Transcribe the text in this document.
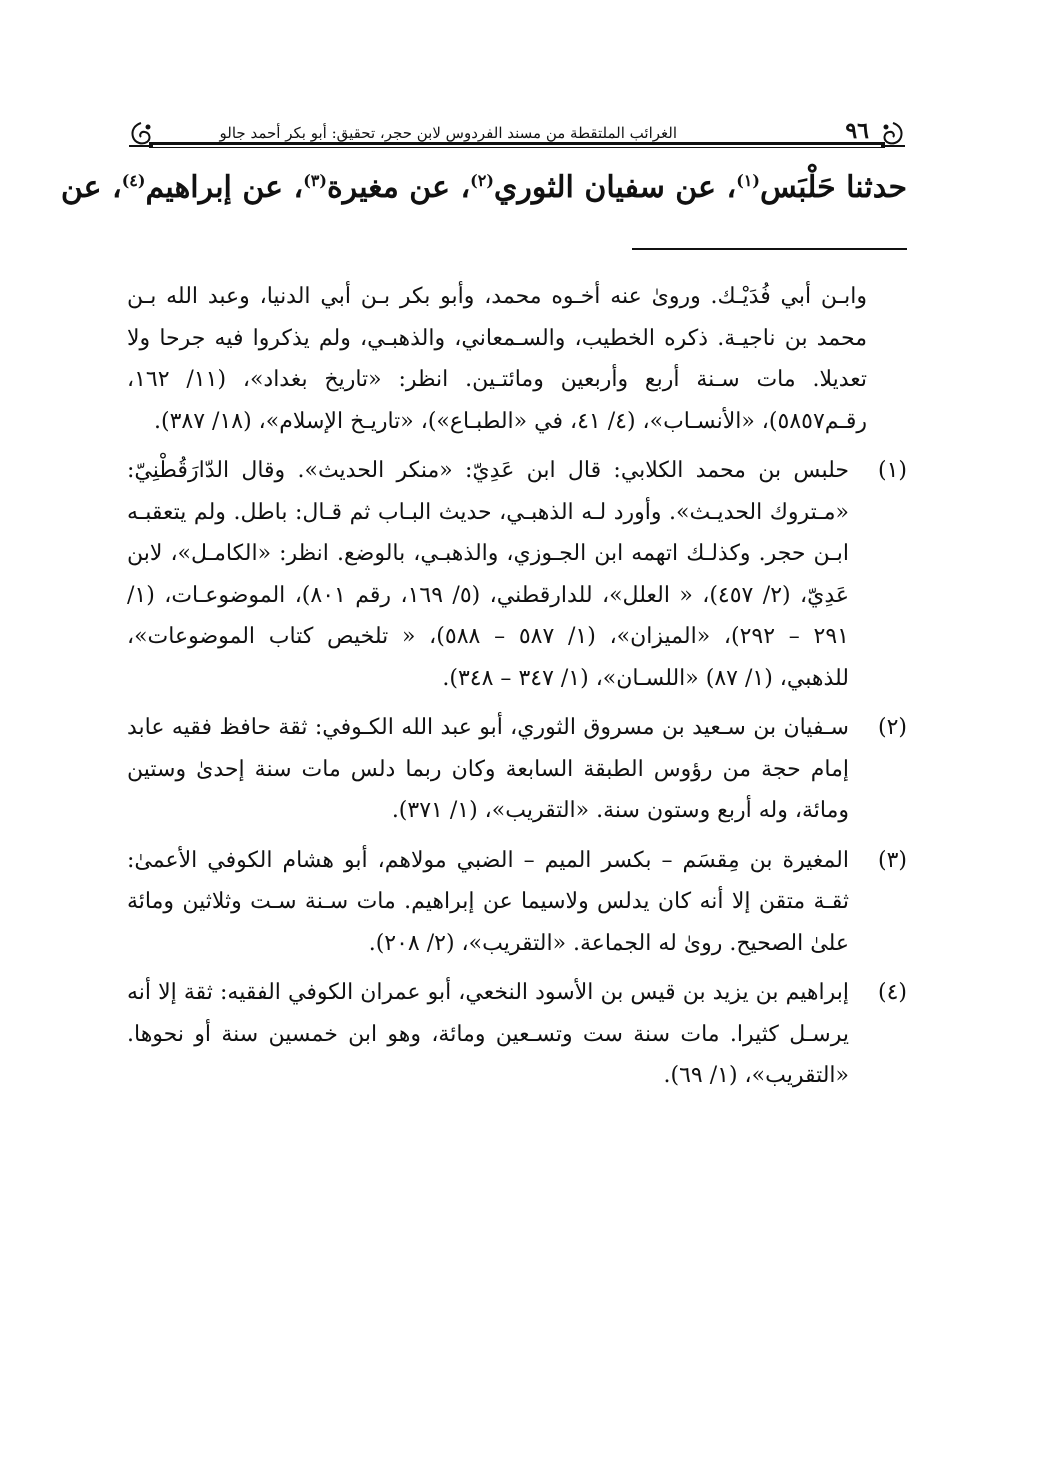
٩٦
الغرائب الملتقطة من مسند الفردوس لابن حجر، تحقيق: أبو بكر أحمد جالو
حدثنا حَلْبَس$^{(١)}$، عن سفيان الثوري$^{(٢)}$، عن مغيرة$^{(٣)}$، عن إبراهيم$^{(٤)}$، عن

وابـن أبي فُدَيْـك. وروىٰ عنه أخـوه محمد، وأبو بكر بـن أبي الدنيا، وعبد الله بـن محمد بن ناجيـة. ذكره الخطيب، والسـمعاني، والذهبـي، ولم يذكروا فيه جرحا ولا تعديلا. مات سـنة أربع وأربعين ومائتـين. انظر: «تاريخ بغداد»، (١١/ ١٦٢، رقـم٥٨٥٧)، «الأنسـاب»، (٤/ ٤١، في «الطبـاع»)، «تاريـخ الإسلام»، (١٨/ ٣٨٧).

(١)
حلبس بن محمد الكلابي: قال ابن عَدِيّ: «منكر الحديث». وقال الدّارَقُطْنِيّ: «مـتروك الحديـث». وأورد لـه الذهبـي، حديث البـاب ثم قـال: باطل. ولم يتعقبـه ابـن حجر. وكذلـك اتهمه ابن الجـوزي، والذهبـي، بالوضع. انظر: «الكامـل»، لابن عَدِيّ، (٢/ ٤٥٧)، « العلل»، للدارقطني، (٥/ ١٦٩، رقم ٨٠١)، الموضوعـات، (١/ ٢٩١ – ٢٩٢)، «الميزان»، (١/ ٥٨٧ – ٥٨٨)، « تلخيص كتاب الموضوعات»، للذهبي، (١/ ٨٧) «اللسـان»، (١/ ٣٤٧ – ٣٤٨).
(٢)
سـفيان بن سـعيد بن مسروق الثوري، أبو عبد الله الكـوفي: ثقة حافظ فقيه عابد إمام حجة من رؤوس الطبقة السابعة وكان ربما دلس مات سنة إحدىٰ وستين ومائة، وله أربع وستون سنة. «التقريب»، (١/ ٣٧١).
(٣)
المغيرة بن مِقسَم – بكسر الميم – الضبي مولاهم، أبو هشام الكوفي الأعمىٰ: ثقـة متقن إلا أنه كان يدلس ولاسيما عن إبراهيم. مات سـنة سـت وثلاثين ومائة علىٰ الصحيح. روىٰ له الجماعة. «التقريب»، (٢/ ٢٠٨).
(٤)
إبراهيم بن يزيد بن قيس بن الأسود النخعي، أبو عمران الكوفي الفقيه: ثقة إلا أنه يرسـل كثيرا. مات سنة ست وتسـعين ومائة، وهو ابن خمسين سنة أو نحوها. «التقريب»، (١/ ٦٩).
